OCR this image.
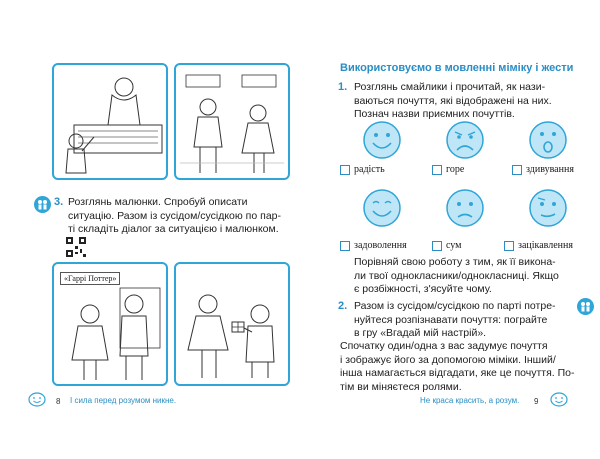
3. Розглянь малюнки. Спробуй описати
ситуацію. Разом із сусідом/сусідкою по пар-
ті складіть діалог за ситуацією і малюнком.
«Гаррі Поттер»
8 І сила перед розумом никне.
Використовуємо в мовленні міміку і жести
1. Розглянь смайлики і прочитай, як нази-
ваються почуття, які відображені на них.
Познач назви приємних почуттів.
радість	горе	здивування
задоволення	сум	зацікавлення
Порівняй свою роботу з тим, як її викона-
ли твої однокласники/однокласниці. Якщо
є розбіжності, з'ясуйте чому.
2. Разом із сусідом/сусідкою по парті потре-
нуйтеся розпізнавати почуття: пограйте
в гру «Вгадай мій настрій».
Спочатку один/одна з вас задумує почуття
і зображує його за допомогою міміки. Інший/
інша намагається відгадати, яке це почуття. По-
тім ви міняєтеся ролями.
Не краса красить, а розум. 9
